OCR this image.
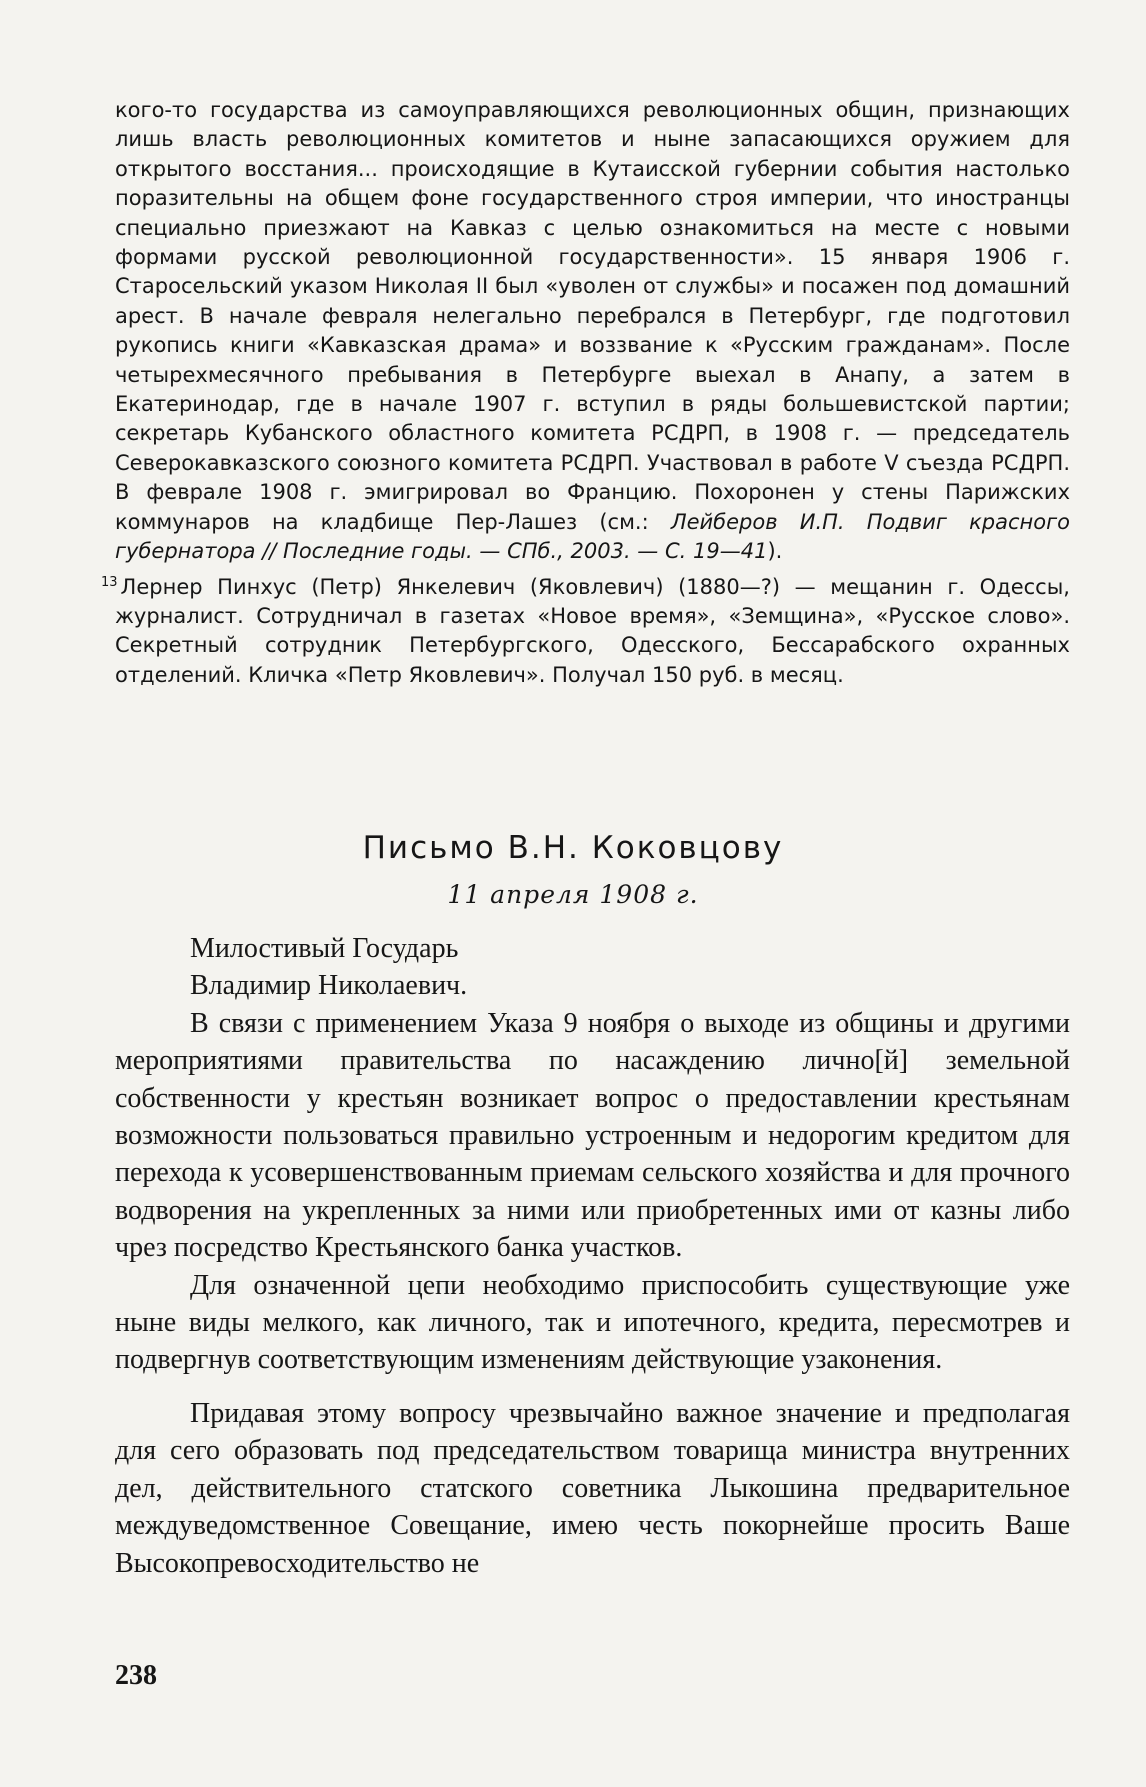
кого-то государства из самоуправляющихся революционных общин, признающих лишь власть революционных комитетов и ныне запасающихся оружием для открытого восстания... происходящие в Кутаисской губернии события настолько поразительны на общем фоне государственного строя империи, что иностранцы специально приезжают на Кавказ с целью ознакомиться на месте с новыми формами русской революционной государственности». 15 января 1906 г. Старосельский указом Николая II был «уволен от службы» и посажен под домашний арест. В начале февраля нелегально перебрался в Петербург, где подготовил рукопись книги «Кавказская драма» и воззвание к «Русским гражданам». После четырехмесячного пребывания в Петербурге выехал в Анапу, а затем в Екатеринодар, где в начале 1907 г. вступил в ряды большевистской партии; секретарь Кубанского областного комитета РСДРП, в 1908 г. — председатель Северокавказского союзного комитета РСДРП. Участвовал в работе V съезда РСДРП. В феврале 1908 г. эмигрировал во Францию. Похоронен у стены Парижских коммунаров на кладбище Пер-Лашез (см.: Лейберов И.П. Подвиг красного губернатора // Последние годы. — СПб., 2003. — С. 19—41).

$^{13}$ Лернер Пинхус (Петр) Янкелевич (Яковлевич) (1880—?) — мещанин г. Одессы, журналист. Сотрудничал в газетах «Новое время», «Земщина», «Русское слово». Секретный сотрудник Петербургского, Одесского, Бессарабского охранных отделений. Кличка «Петр Яковлевич». Получал 150 руб. в месяц.

Письмо В.Н. Коковцову
11 апреля 1908 г.

Милостивый Государь

Владимир Николаевич.

В связи с применением Указа 9 ноября о выходе из общины и другими мероприятиями правительства по насаждению личнo[й] земельной собственности у крестьян возникает вопрос о предоставлении крестьянам возможности пользоваться правильно устроенным и недорогим кредитом для перехода к усовершенствованным приемам сельского хозяйства и для прочного водворения на укрепленных за ними или приобретенных ими от казны либо чрез посредство Крестьянского банка участков.

Для означенной цепи необходимо приспособить существующие уже ныне виды мелкого, как личного, так и ипотечного, кредита, пересмотрев и подвергнув соответствующим изменениям действующие узаконения.

Придавая этому вопросу чрезвычайно важное значение и предполагая для сего образовать под председательством товарища министра внутренних дел, действительного статского советника Лыкошина предварительное междуведомственное Совещание, имею честь покорнейше просить Ваше Высокопревосходительство не

238
